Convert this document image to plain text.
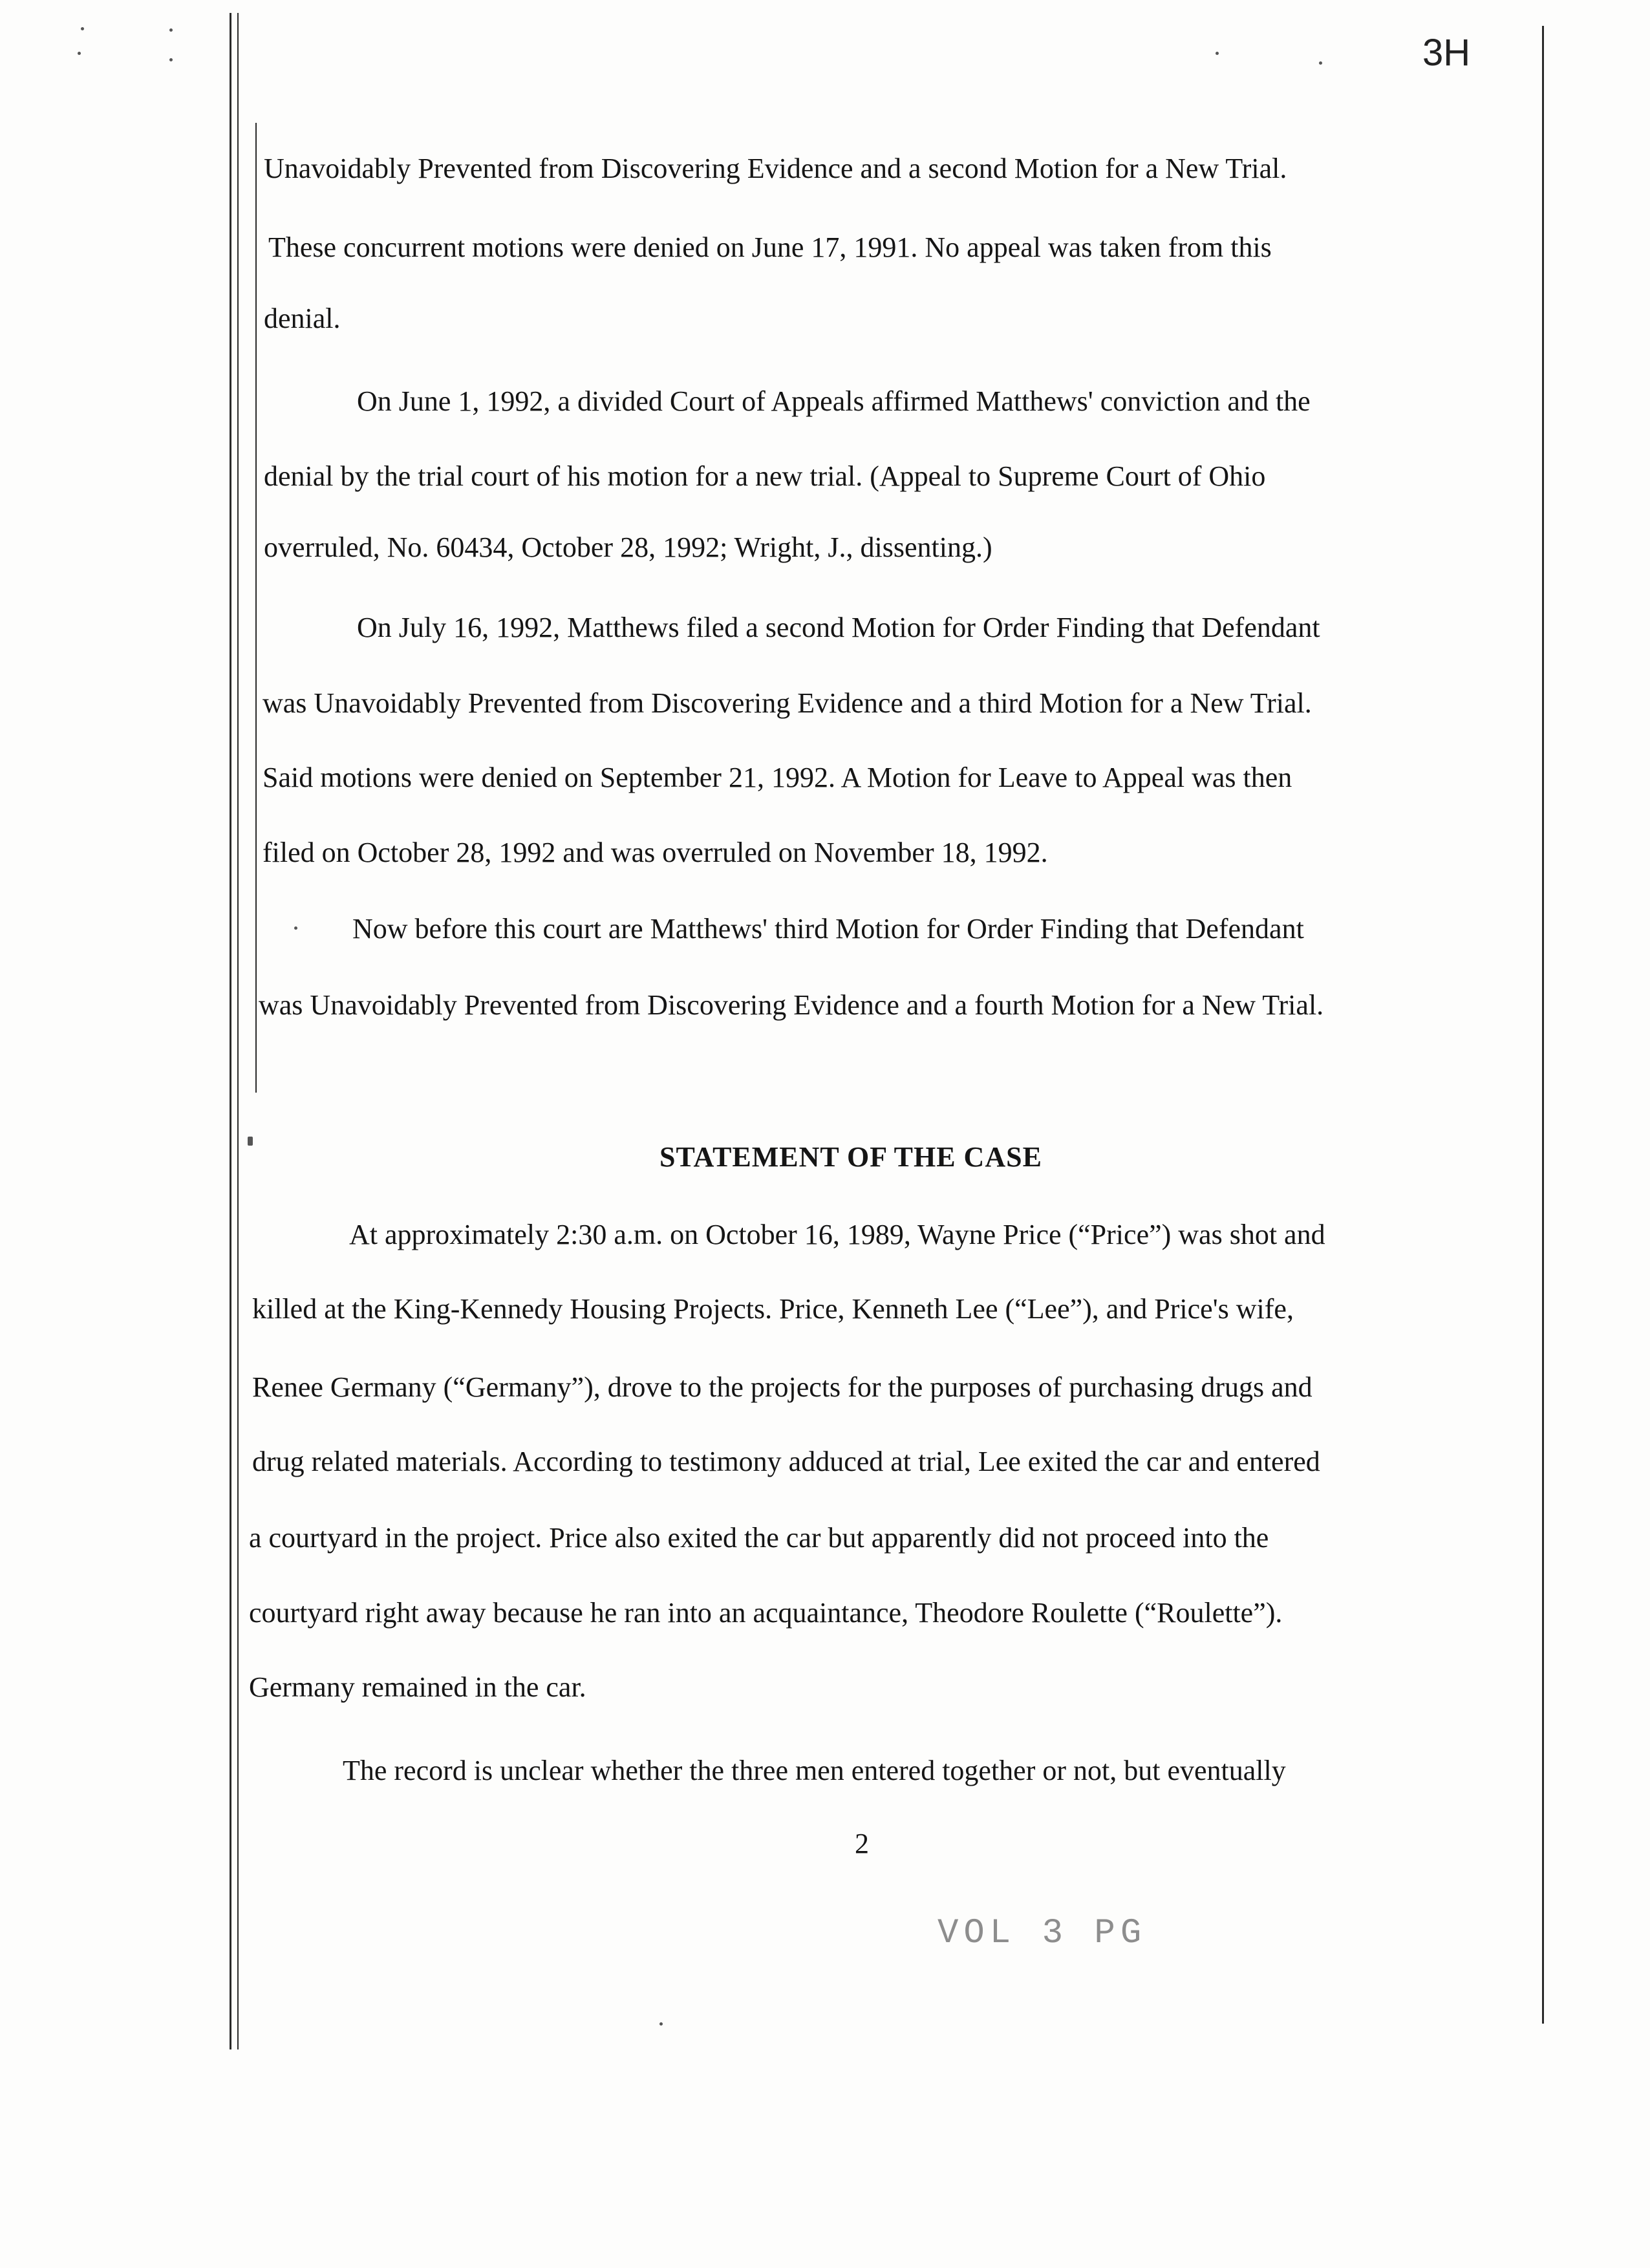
3H
Unavoidably Prevented from Discovering Evidence and a second Motion for a New Trial.
These concurrent motions were denied on June 17, 1991. No appeal was taken from this
denial.
On June 1, 1992, a divided Court of Appeals affirmed Matthews' conviction and the
denial by the trial court of his motion for a new trial. (Appeal to Supreme Court of Ohio
overruled, No. 60434, October 28, 1992; Wright, J., dissenting.)
On July 16, 1992, Matthews filed a second Motion for Order Finding that Defendant
was Unavoidably Prevented from Discovering Evidence and a third Motion for a New Trial.
Said motions were denied on September 21, 1992. A Motion for Leave to Appeal was then
filed on October 28, 1992 and was overruled on November 18, 1992.
Now before this court are Matthews' third Motion for Order Finding that Defendant
was Unavoidably Prevented from Discovering Evidence and a fourth Motion for a New Trial.
STATEMENT OF THE CASE
At approximately 2:30 a.m. on October 16, 1989, Wayne Price (“Price”) was shot and
killed at the King-Kennedy Housing Projects. Price, Kenneth Lee (“Lee”), and Price's wife,
Renee Germany (“Germany”), drove to the projects for the purposes of purchasing drugs and
drug related materials. According to testimony adduced at trial, Lee exited the car and entered
a courtyard in the project. Price also exited the car but apparently did not proceed into the
courtyard right away because he ran into an acquaintance, Theodore Roulette (“Roulette”).
Germany remained in the car.
The record is unclear whether the three men entered together or not, but eventually
2
VOL 3 PG
